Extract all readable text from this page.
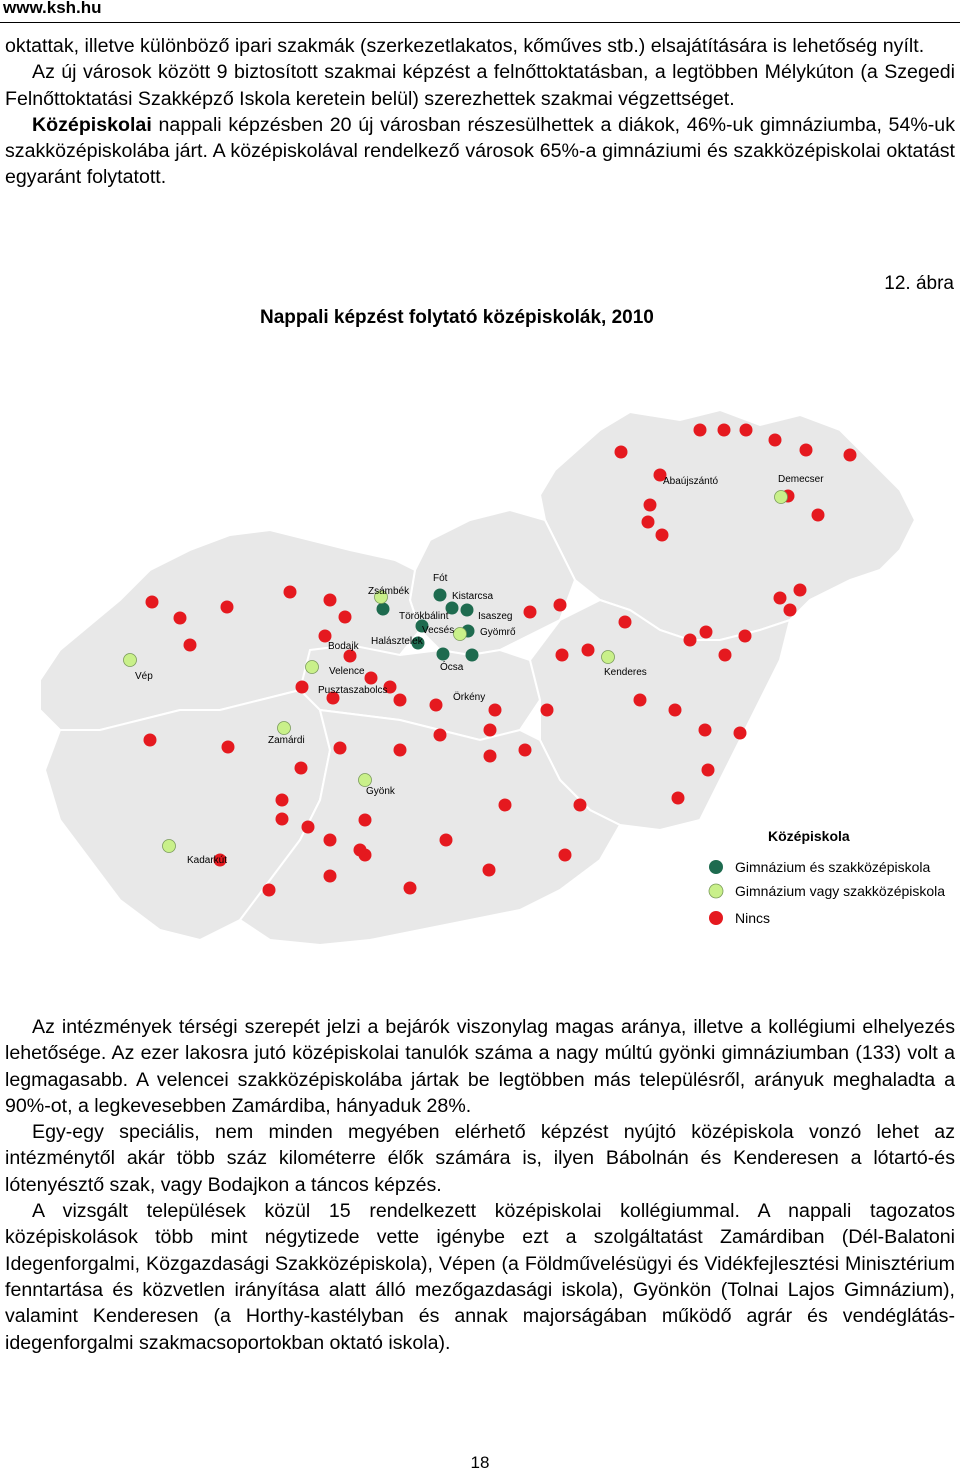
www.ksh.hu

oktattak, illetve különböző ipari szakmák (szerkezetlakatos, kőműves stb.) elsajátítására is lehetőség nyílt.

Az új városok között 9 biztosított szakmai képzést a felnőttoktatásban, a legtöbben Mélykúton (a Szegedi Felnőttoktatási Szakképző Iskola keretein belül) szerezhettek szakmai végzettséget.

Középiskolai nappali képzésben 20 új városban részesülhettek a diákok, 46%-uk gimnáziumba, 54%-uk szakközépiskolába járt. A középiskolával rendelkező városok 65%-a gimnáziumi és szakközépiskolai oktatást egyaránt folytatott.

12. ábra
Nappali képzést folytató középiskolák, 2010
Abaújszántó	Demecser
Zsámbék
Fót
Kistarcsa
Törökbálint	Isaszeg
Vecsés	Gyömrő
Bodajk Halásztelek
Vép	Velence	Ócsa	Kenderes
Pusztaszabolcs
Örkény
Zamárdi
Gyönk
Kadarkút
Középiskola
Gimnázium és szakközépiskola
Gimnázium vagy szakközépiskola
Nincs

Az intézmények térségi szerepét jelzi a bejárók viszonylag magas aránya, illetve a kollégiumi elhelyezés lehetősége. Az ezer lakosra jutó középiskolai tanulók száma a nagy múltú gyönki gimnáziumban (133) volt a legmagasabb. A velencei szakközépiskolába jártak be legtöbben más településről, arányuk meghaladta a 90%-ot, a legkevesebben Zamárdiba, hányaduk 28%.

Egy-egy speciális, nem minden megyében elérhető képzést nyújtó középiskola vonzó lehet az intézménytől akár több száz kilométerre élők számára is, ilyen Bábolnán és Kenderesen a lótartó-és lótenyésztő szak, vagy Bodajkon a táncos képzés.

A vizsgált települések közül 15 rendelkezett középiskolai kollégiummal. A nappali tagozatos középiskolások több mint négytizede vette igénybe ezt a szolgáltatást Zamárdiban (Dél-Balatoni Idegenforgalmi, Közgazdasági Szakközépiskola), Vépen (a Földművelésügyi és Vidékfejlesztési Minisztérium fenntartása és közvetlen irányítása alatt álló mezőgazdasági iskola), Gyönkön (Tolnai Lajos Gimnázium), valamint Kenderesen (a Horthy-kastélyban és annak majorságában működő agrár és vendéglátás-idegenforgalmi szakmacsoportokban oktató iskola).

18
